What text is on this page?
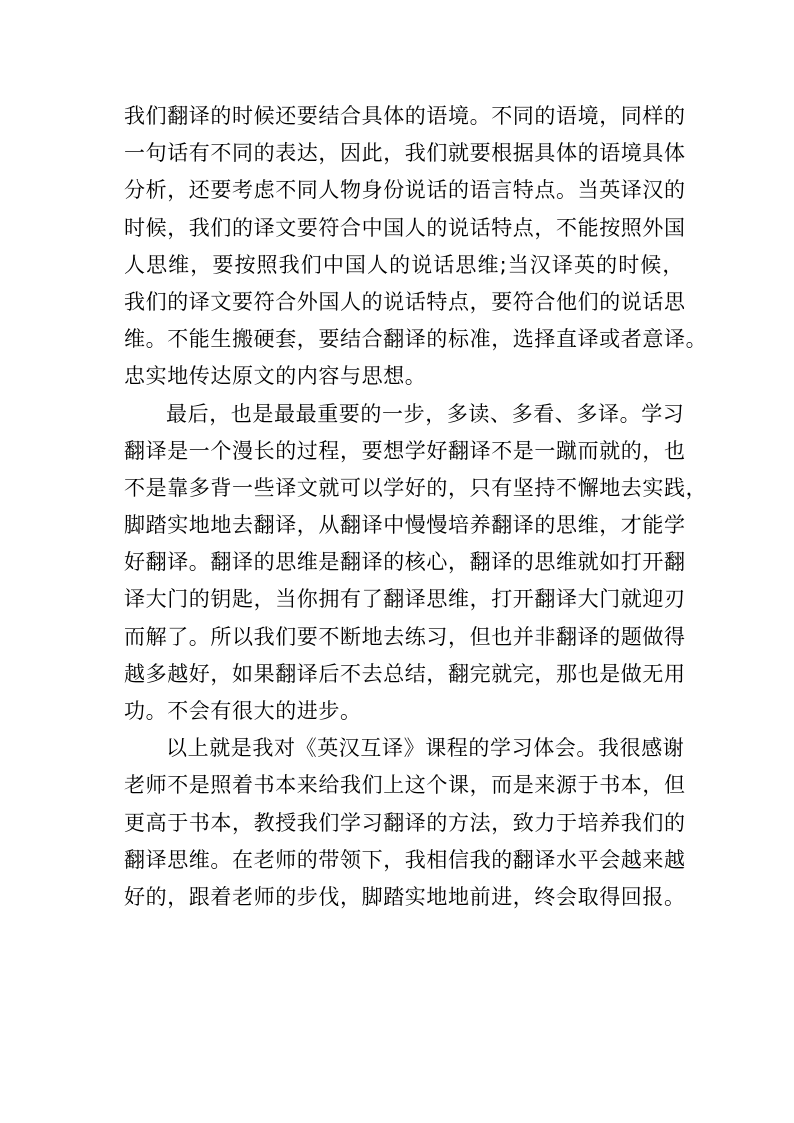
我们翻译的时候还要结合具体的语境。不同的语境，同样的
一句话有不同的表达，因此，我们就要根据具体的语境具体
分析，还要考虑不同人物身份说话的语言特点。当英译汉的
时候，我们的译文要符合中国人的说话特点，不能按照外国
人思维，要按照我们中国人的说话思维;当汉译英的时候，
我们的译文要符合外国人的说话特点，要符合他们的说话思
维。不能生搬硬套，要结合翻译的标准，选择直译或者意译。
忠实地传达原文的内容与思想。
最后，也是最最重要的一步，多读、多看、多译。学习
翻译是一个漫长的过程，要想学好翻译不是一蹴而就的，也
不是靠多背一些译文就可以学好的，只有坚持不懈地去实践，
脚踏实地地去翻译，从翻译中慢慢培养翻译的思维，才能学
好翻译。翻译的思维是翻译的核心，翻译的思维就如打开翻
译大门的钥匙，当你拥有了翻译思维，打开翻译大门就迎刃
而解了。所以我们要不断地去练习，但也并非翻译的题做得
越多越好，如果翻译后不去总结，翻完就完，那也是做无用
功。不会有很大的进步。
以上就是我对《英汉互译》课程的学习体会。我很感谢
老师不是照着书本来给我们上这个课，而是来源于书本，但
更高于书本，教授我们学习翻译的方法，致力于培养我们的
翻译思维。在老师的带领下，我相信我的翻译水平会越来越
好的，跟着老师的步伐，脚踏实地地前进，终会取得回报。
